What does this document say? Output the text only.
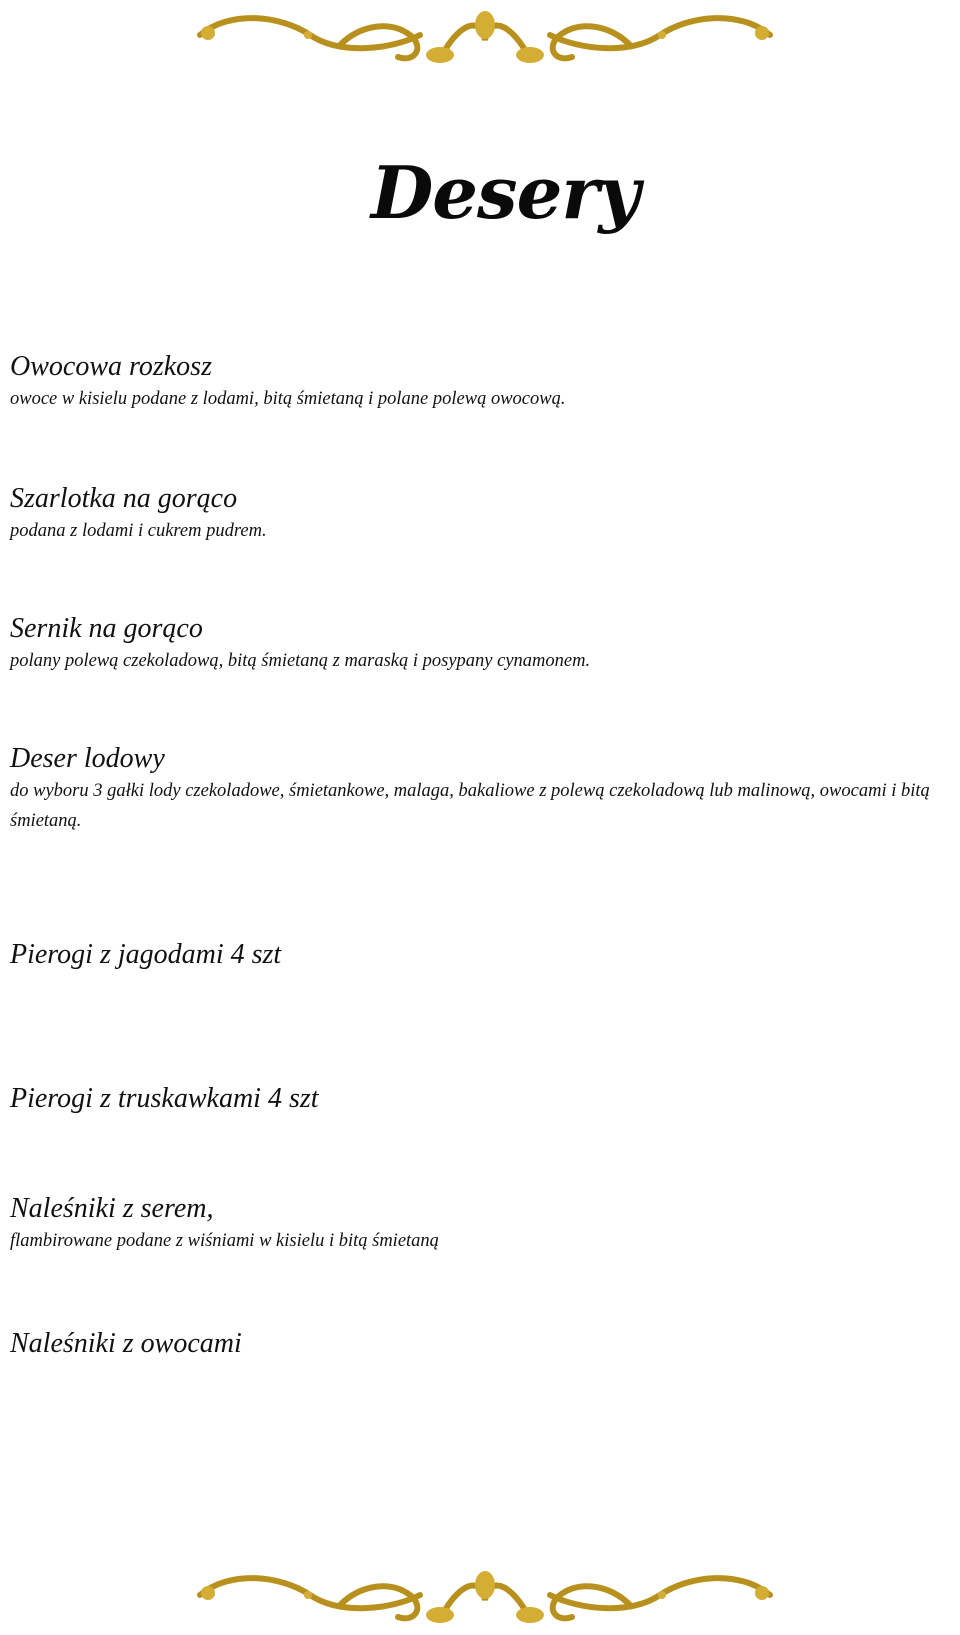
Desery
Owocowa rozkosz
owoce w kisielu podane z lodami, bitą śmietaną i polane polewą owocową.
Szarlotka na gorąco
podana z lodami i cukrem pudrem.
Sernik na gorąco
polany polewą czekoladową, bitą śmietaną z maraską i posypany cynamonem.
Deser lodowy
do wyboru 3 gałki lody czekoladowe, śmietankowe, malaga, bakaliowe z polewą czekoladową lub malinową, owocami i bitą śmietaną.
Pierogi z jagodami 4 szt
Pierogi z truskawkami 4 szt
Naleśniki z serem,
flambirowane podane z wiśniami w kisielu i bitą śmietaną
Naleśniki z owocami
